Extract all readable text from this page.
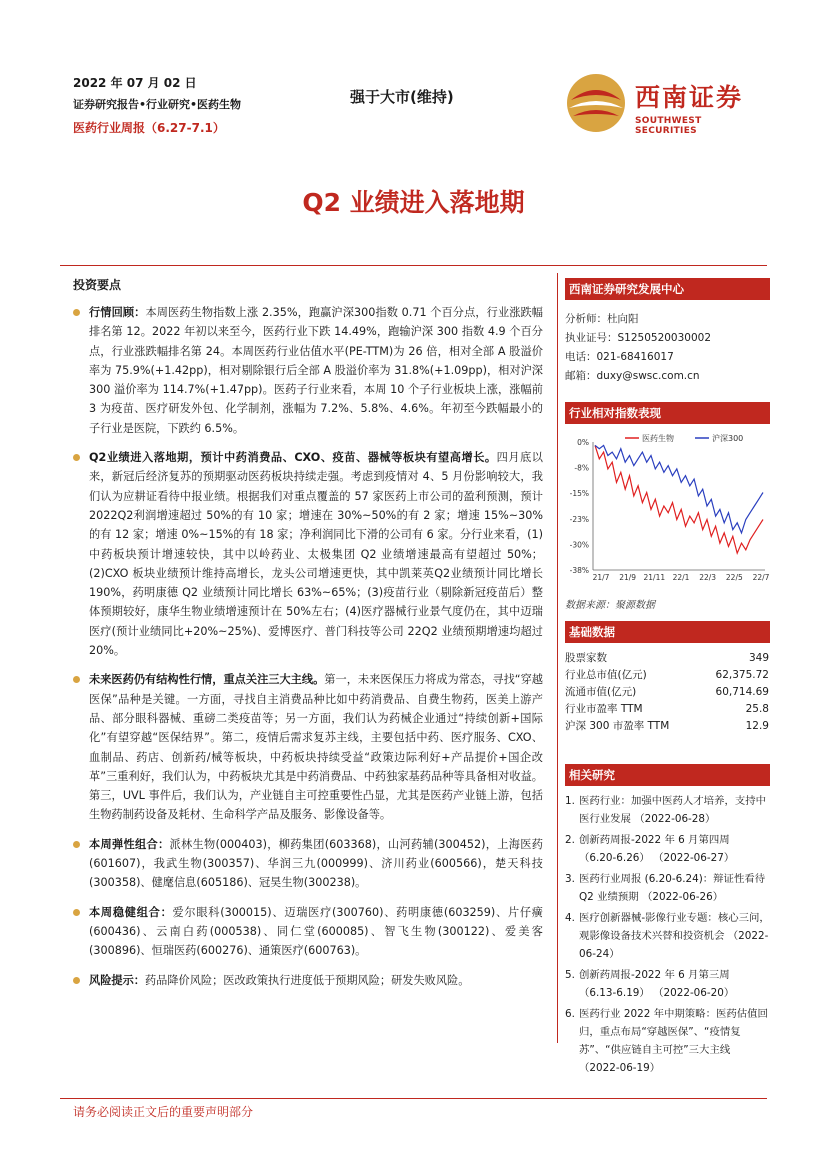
2022 年 07 月 02 日
证券研究报告•行业研究•医药生物
医药行业周报（6.27-7.1）
强于大市(维持)	西南证券
SOUTHWEST SECURITIES
Q2 业绩进入落地期
投资要点
行情回顾：本周医药生物指数上涨 2.35%，跑赢沪深300指数 0.71 个百分点，行业涨跌幅排名第 12。2022 年初以来至今，医药行业下跌 14.49%，跑输沪深 300 指数 4.9 个百分点，行业涨跌幅排名第 24。本周医药行业估值水平(PE-TTM)为 26 倍，相对全部 A 股溢价率为 75.9%(+1.42pp)，相对剔除银行后全部 A 股溢价率为 31.8%(+1.09pp)，相对沪深 300 溢价率为 114.7%(+1.47pp)。医药子行业来看，本周 10 个子行业板块上涨，涨幅前 3 为疫苗、医疗研发外包、化学制剂，涨幅为 7.2%、5.8%、4.6%。年初至今跌幅最小的子行业是医院，下跌约 6.5%。
Q2业绩进入落地期，预计中药消费品、CXO、疫苗、器械等板块有望高增长。四月底以来，新冠后经济复苏的预期驱动医药板块持续走强。考虑到疫情对 4、5 月份影响较大，我们认为应耕证看待中报业绩。根据我们对重点覆盖的 57 家医药上市公司的盈利预测，预计 2022Q2利润增速超过 50%的有 10 家；增速在 30%~50%的有 2 家；增速 15%~30%的有 12 家；增速 0%~15%的有 18 家；净利润同比下滑的公司有 6 家。分行业来看，(1)中药板块预计增速较快，其中以岭药业、太极集团 Q2 业绩增速最高有望超过 50%；(2)CXO 板块业绩预计维持高增长，龙头公司增速更快，其中凯莱英Q2业绩预计同比增长 190%，药明康德 Q2 业绩预计同比增长 63%~65%；(3)疫苗行业（剔除新冠疫苗后）整体预期较好，康华生物业绩增速预计在 50%左右；(4)医疗器械行业景气度仍在，其中迈瑞医疗(预计业绩同比+20%~25%)、爱博医疗、普门科技等公司 22Q2 业绩预期增速均超过 20%。
未来医药仍有结构性行情，重点关注三大主线。第一，未来医保压力将成为常态，寻找“穿越医保”品种是关键。一方面，寻找自主消费品种比如中药消费品、自费生物药，医美上游产品、部分眼科器械、重磅二类疫苗等；另一方面，我们认为药械企业通过“持续创新+国际化”有望穿越“医保结界”。第二，疫情后需求复苏主线，主要包括中药、医疗服务、CXO、血制品、药店、创新药/械等板块，中药板块持续受益“政策边际利好+产品提价+国企改革”三重利好，我们认为，中药板块尤其是中药消费品、中药独家基药品种等具备相对收益。第三，UVL 事件后，我们认为，产业链自主可控重要性凸显，尤其是医药产业链上游，包括生物药制药设备及耗材、生命科学产品及服务、影像设备等。
本周弹性组合：派林生物(000403)，柳药集团(603368)，山河药辅(300452)，上海医药(601607)，我武生物(300357)、华润三九(000999)、济川药业(600566)，楚天科技(300358)、健麾信息(605186)、冠昊生物(300238)。
本周稳健组合：爱尔眼科(300015)、迈瑞医疗(300760)、药明康德(603259)、片仔癀(600436)、云南白药(000538)、同仁堂(600085)、智飞生物(300122)、爱美客(300896)、恒瑞医药(600276)、通策医疗(600763)。
风险提示：药品降价风险；医改政策执行进度低于预期风险；研发失败风险。
西南证券研究发展中心
分析师：杜向阳
执业证号：S1250520030002
电话：021-68416017
邮箱：duxy@swsc.com.cn
行业相对指数表现
0%
-8%
-15%
-23%
-30%
-38%
21/7 21/9 21/11 22/1 22/3 22/5 22/7
医药生物	沪深300
数据来源：聚源数据
基础数据
股票家数	349
行业总市值(亿元)	62,375.72
流通市值(亿元)	60,714.69
行业市盈率 TTM	25.8
沪深 300 市盈率 TTM	12.9
相关研究
1. 医药行业：加强中医药人才培养，支持中医行业发展 （2022-06-28）
2. 创新药周报-2022 年 6 月第四周 （6.20-6.26） （2022-06-27）
3. 医药行业周报 (6.20-6.24)：辩证性看待 Q2 业绩预期 （2022-06-26）
4. 医疗创新器械-影像行业专题：核心三问，观影像设备技术兴替和投资机会 （2022-06-24）
5. 创新药周报-2022 年 6 月第三周 （6.13-6.19） （2022-06-20）
6. 医药行业 2022 年中期策略：医药估值回归，重点布局“穿越医保”、“疫情复苏”、“供应链自主可控”三大主线 （2022-06-19）
请务必阅读正文后的重要声明部分
